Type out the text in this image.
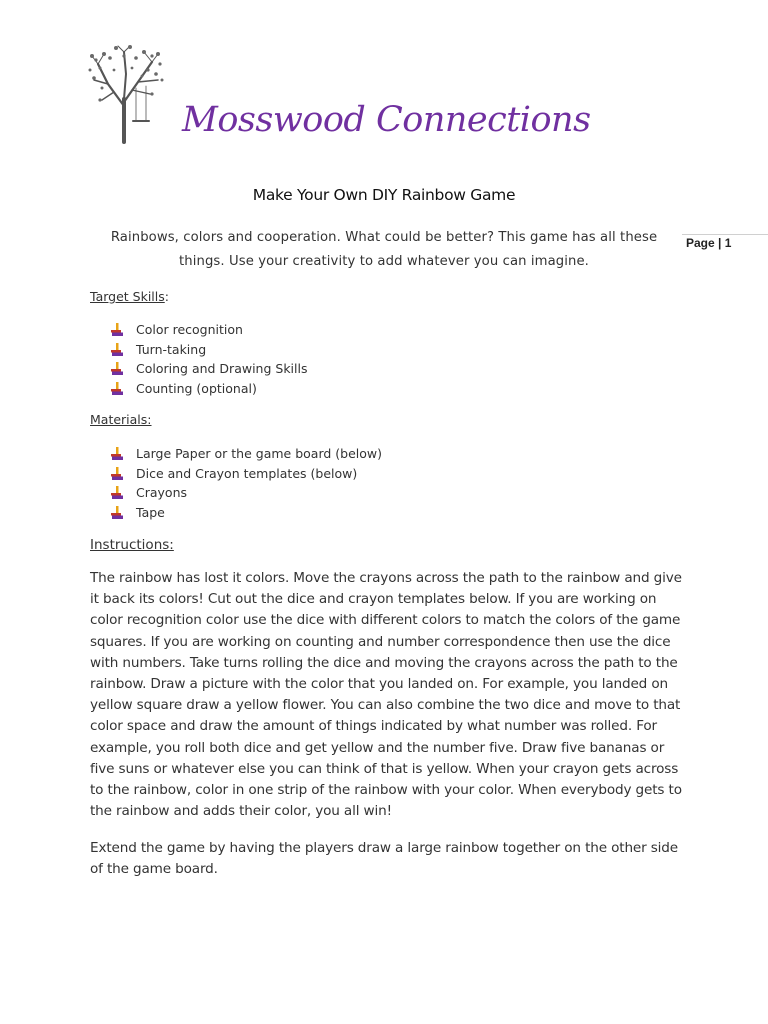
Mosswood Connections
Make Your Own DIY Rainbow Game
Rainbows, colors and cooperation. What could be better? This game has all these things. Use your creativity to add whatever you can imagine.
Page | 1
Target Skills:
Color recognition
Turn-taking
Coloring and Drawing Skills
Counting (optional)
Materials:
Large Paper or the game board (below)
Dice and Crayon templates (below)
Crayons
Tape
Instructions:

The rainbow has lost it colors. Move the crayons across the path to the rainbow and give it back its colors! Cut out the dice and crayon templates below. If you are working on color recognition color use the dice with different colors to match the colors of the game squares. If you are working on counting and number correspondence then use the dice with numbers. Take turns rolling the dice and moving the crayons across the path to the rainbow. Draw a picture with the color that you landed on. For example, you landed on yellow square draw a yellow flower. You can also combine the two dice and move to that color space and draw the amount of things indicated by what number was rolled. For example, you roll both dice and get yellow and the number five. Draw five bananas or five suns or whatever else you can think of that is yellow. When your crayon gets across to the rainbow, color in one strip of the rainbow with your color. When everybody gets to the rainbow and adds their color, you all win!

Extend the game by having the players draw a large rainbow together on the other side of the game board.
